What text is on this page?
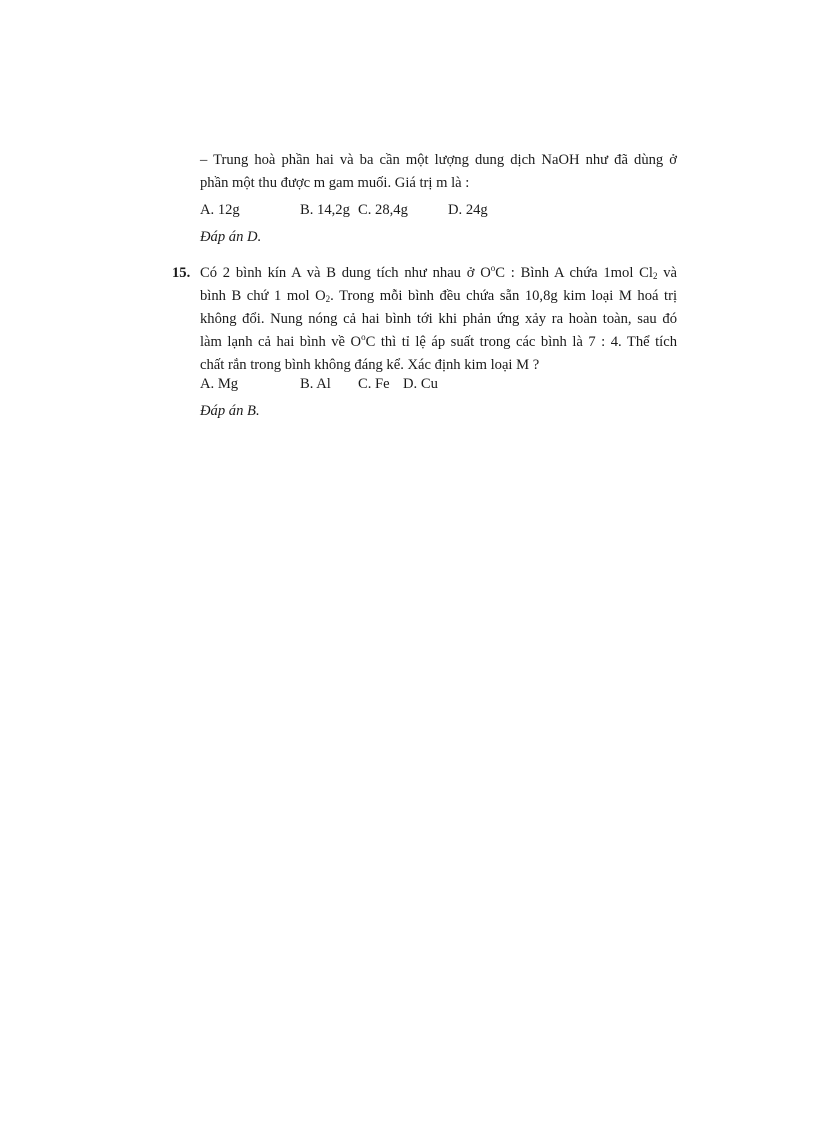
– Trung hoà phần hai và ba cần một lượng dung dịch NaOH như đã dùng ở
phần một thu được m gam muối. Giá trị m là :
A. 12g	B. 14,2g C. 28,4g	D. 24g
Đáp án D.
15. Có 2 bình kín A và B dung tích như nhau ở $O^oC$ : Bình A chứa 1mol $Cl_2$ và
bình B chứ 1 mol $O_2$. Trong mỗi bình đều chứa sẵn 10,8g kim loại M hoá trị
không đổi. Nung nóng cả hai bình tới khi phản ứng xảy ra hoàn toàn, sau đó
làm lạnh cả hai bình về $O^oC$ thì tỉ lệ áp suất trong các bình là 7 : 4. Thể tích
chất rắn trong bình không đáng kể. Xác định kim loại M ?
A. Mg	B. Al C. Fe D. Cu
Đáp án B.
